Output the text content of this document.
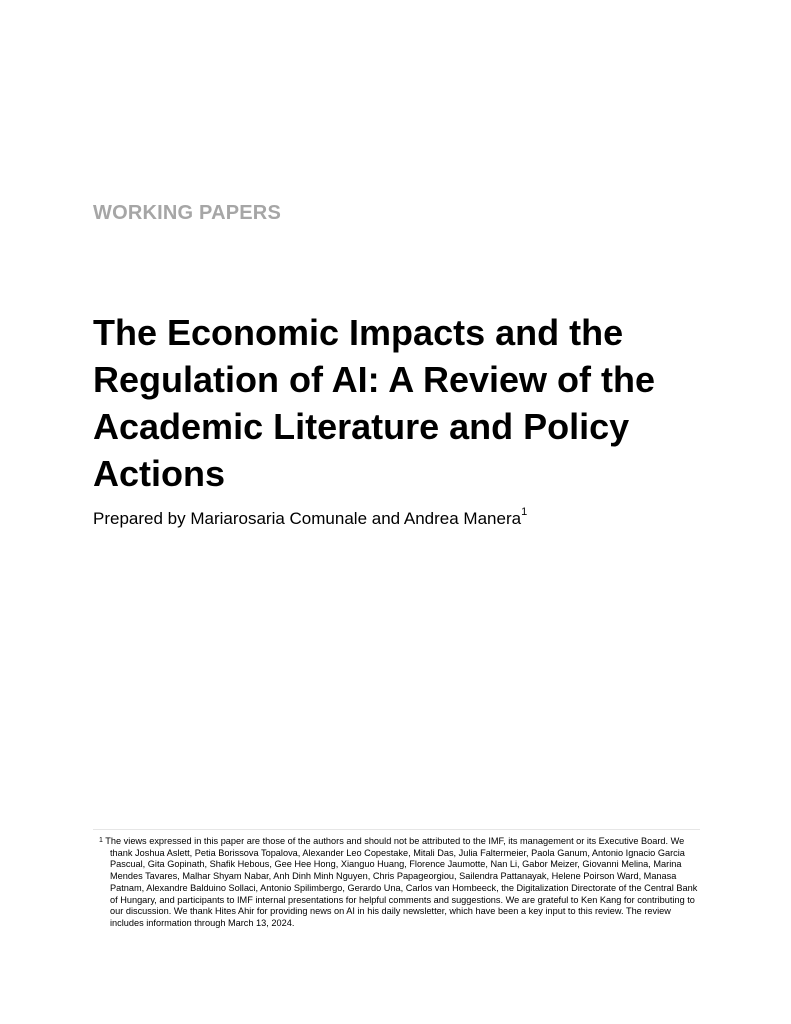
WORKING PAPERS
The Economic Impacts and the Regulation of AI: A Review of the Academic Literature and Policy Actions

Prepared by Mariarosaria Comunale and Andrea Manera$^1$

$^1$ The views expressed in this paper are those of the authors and should not be attributed to the IMF, its management or its Executive Board. We thank Joshua Aslett, Petia Borissova Topalova, Alexander Leo Copestake, Mitali Das, Julia Faltermeier, Paola Ganum, Antonio Ignacio Garcia Pascual, Gita Gopinath, Shafik Hebous, Gee Hee Hong, Xianguo Huang, Florence Jaumotte, Nan Li, Gabor Meizer, Giovanni Melina, Marina Mendes Tavares, Malhar Shyam Nabar, Anh Dinh Minh Nguyen, Chris Papageorgiou, Sailendra Pattanayak, Helene Poirson Ward, Manasa Patnam, Alexandre Balduino Sollaci, Antonio Spilimbergo, Gerardo Una, Carlos van Hombeeck, the Digitalization Directorate of the Central Bank of Hungary, and participants to IMF internal presentations for helpful comments and suggestions. We are grateful to Ken Kang for contributing to our discussion. We thank Hites Ahir for providing news on AI in his daily newsletter, which have been a key input to this review. The review includes information through March 13, 2024.
